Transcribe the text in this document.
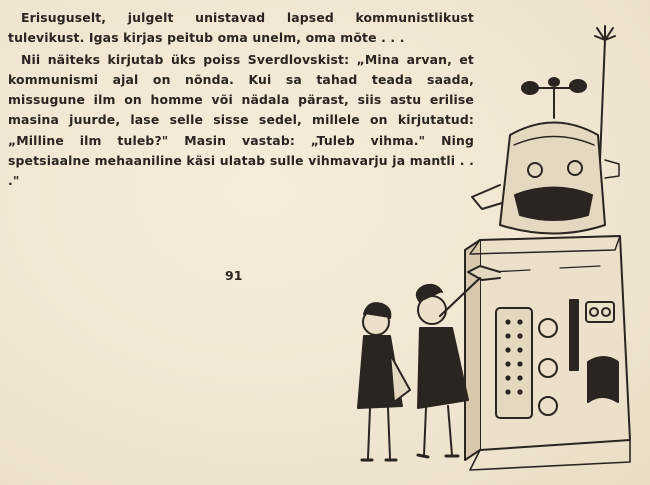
Erisuguselt, julgelt unistavad lapsed kommunistlikust tulevikust. Igas kirjas peitub oma unelm, oma mõte . . .

Nii näiteks kirjutab üks poiss Sverdlovskist: „Mina arvan, et kommunismi ajal on nõnda. Kui sa tahad teada saada, missugune ilm on homme või nädala pärast, siis astu erilise masina juurde, lase selle sisse sedel, millele on kirjutatud: „Milline ilm tuleb?" Masin vastab: „Tuleb vihma." Ning spetsiaalne mehaaniline käsi ulatab sulle vihmavarju ja mantli . . ."

91
